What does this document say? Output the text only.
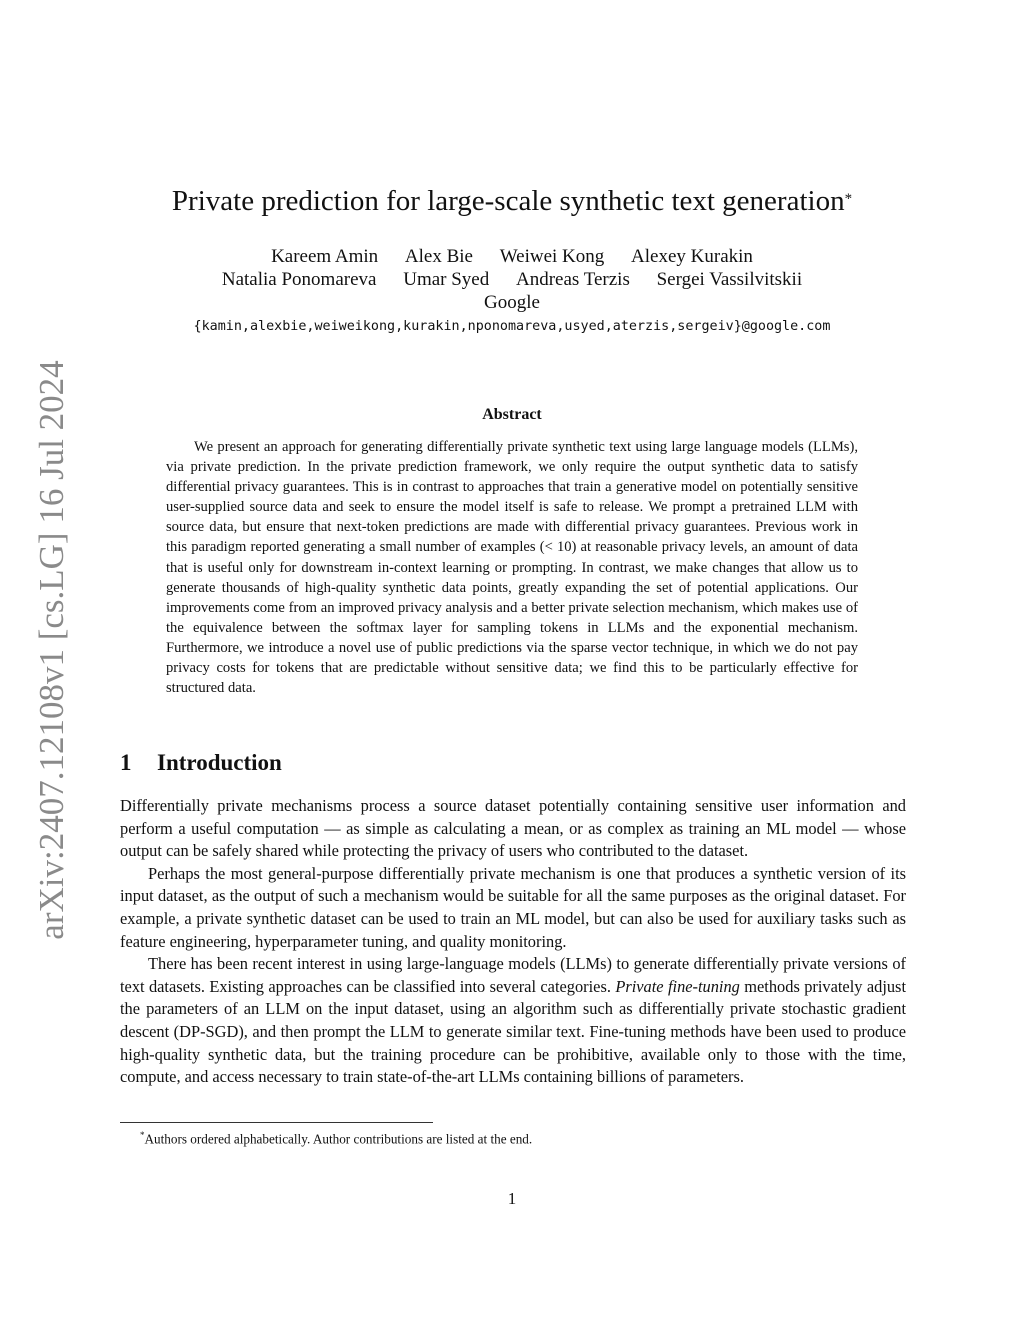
arXiv:2407.12108v1 [cs.LG] 16 Jul 2024
Private prediction for large-scale synthetic text generation*
Kareem Amin Alex Bie Weiwei Kong Alexey Kurakin
Natalia Ponomareva Umar Syed Andreas Terzis Sergei Vassilvitskii
Google
{kamin,alexbie,weiweikong,kurakin,nponomareva,usyed,aterzis,sergeiv}@google.com
Abstract

We present an approach for generating differentially private synthetic text using large language models (LLMs), via private prediction. In the private prediction framework, we only require the output synthetic data to satisfy differential privacy guarantees. This is in contrast to approaches that train a generative model on potentially sensitive user-supplied source data and seek to ensure the model itself is safe to release. We prompt a pretrained LLM with source data, but ensure that next-token predictions are made with differential privacy guarantees. Previous work in this paradigm reported generating a small number of examples (< 10) at reasonable privacy levels, an amount of data that is useful only for downstream in-context learning or prompting. In contrast, we make changes that allow us to generate thousands of high-quality synthetic data points, greatly expanding the set of potential applications. Our improvements come from an improved privacy analysis and a better private selection mechanism, which makes use of the equivalence between the softmax layer for sampling tokens in LLMs and the exponential mechanism. Furthermore, we introduce a novel use of public predictions via the sparse vector technique, in which we do not pay privacy costs for tokens that are predictable without sensitive data; we find this to be particularly effective for structured data.

1 Introduction

Differentially private mechanisms process a source dataset potentially containing sensitive user information and perform a useful computation — as simple as calculating a mean, or as complex as training an ML model — whose output can be safely shared while protecting the privacy of users who contributed to the dataset.

Perhaps the most general-purpose differentially private mechanism is one that produces a synthetic version of its input dataset, as the output of such a mechanism would be suitable for all the same purposes as the original dataset. For example, a private synthetic dataset can be used to train an ML model, but can also be used for auxiliary tasks such as feature engineering, hyperparameter tuning, and quality monitoring.

There has been recent interest in using large-language models (LLMs) to generate differentially private versions of text datasets. Existing approaches can be classified into several categories. Private fine-tuning methods privately adjust the parameters of an LLM on the input dataset, using an algorithm such as differentially private stochastic gradient descent (DP-SGD), and then prompt the LLM to generate similar text. Fine-tuning methods have been used to produce high-quality synthetic data, but the training procedure can be prohibitive, available only to those with the time, compute, and access necessary to train state-of-the-art LLMs containing billions of parameters.

*Authors ordered alphabetically. Author contributions are listed at the end.
1
